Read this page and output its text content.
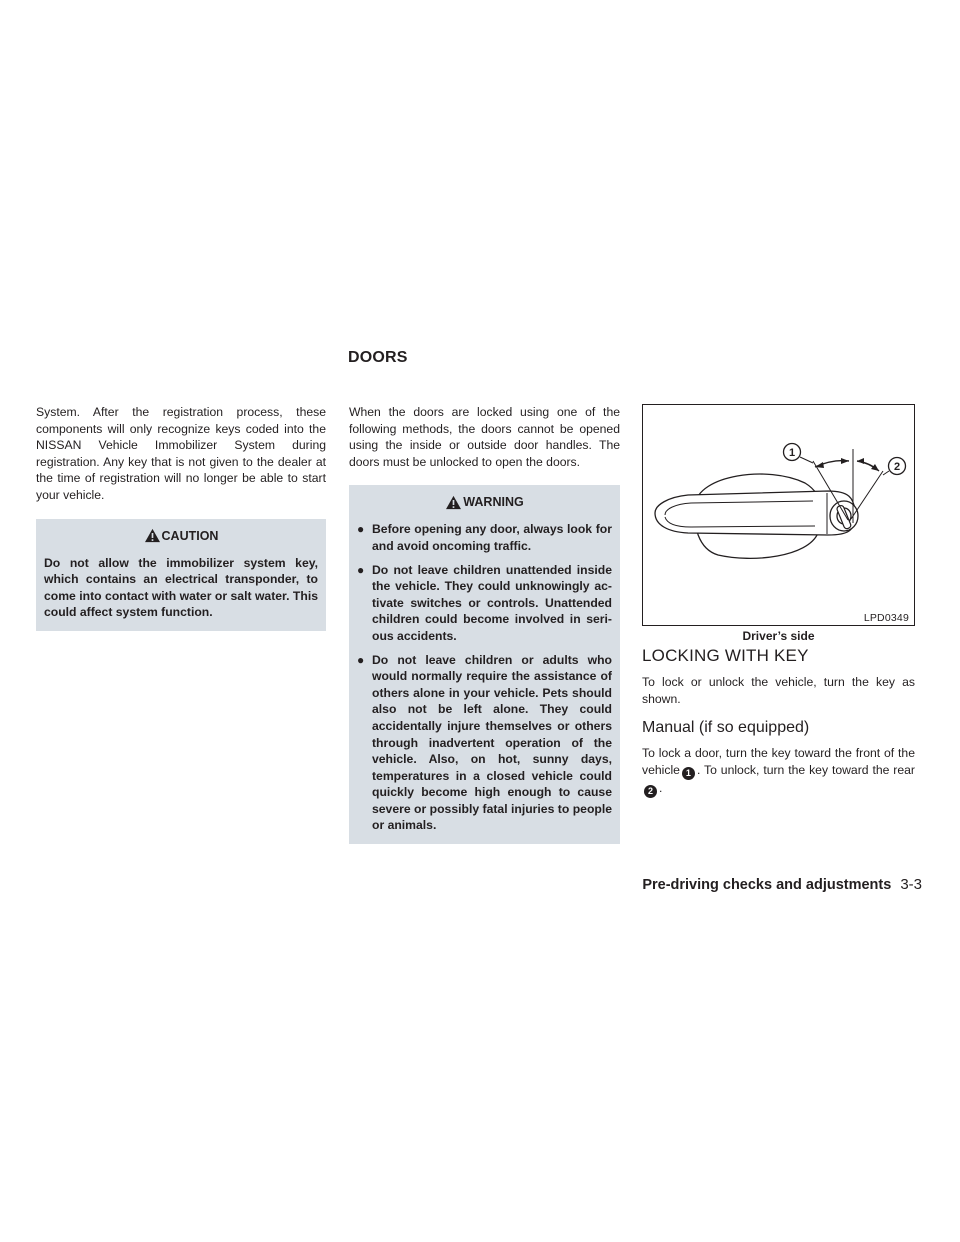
DOORS

System. After the registration process, these components will only recognize keys coded into the NISSAN Vehicle Immobilizer System during registration. Any key that is not given to the dealer at the time of registration will no longer be able to start your vehicle.

CAUTION
Do not allow the immobilizer system key, which contains an electrical transponder, to come into contact with water or salt water. This could affect system function.

When the doors are locked using one of the following methods, the doors cannot be opened using the inside or outside door handles. The doors must be unlocked to open the doors.

WARNING
● Before opening any door, always look for and avoid oncoming traffic.
● Do not leave children unattended inside the vehicle. They could unknowingly ac-tivate switches or controls. Unattended children could become involved in seri-ous accidents.
● Do not leave children or adults who would normally require the assistance of others alone in your vehicle. Pets should also not be left alone. They could accidentally injure themselves or others through inadvertent operation of the vehicle. Also, on hot, sunny days, temperatures in a closed vehicle could quickly become high enough to cause severe or possibly fatal injuries to people or animals.
1
2
LPD0349
Driver’s side
LOCKING WITH KEY

To lock or unlock the vehicle, turn the key as shown.

Manual (if so equipped)

To lock a door, turn the key toward the front of the vehicle 1 . To unlock, turn the key toward the rear 2 .

Pre-driving checks and adjustments 3-3
